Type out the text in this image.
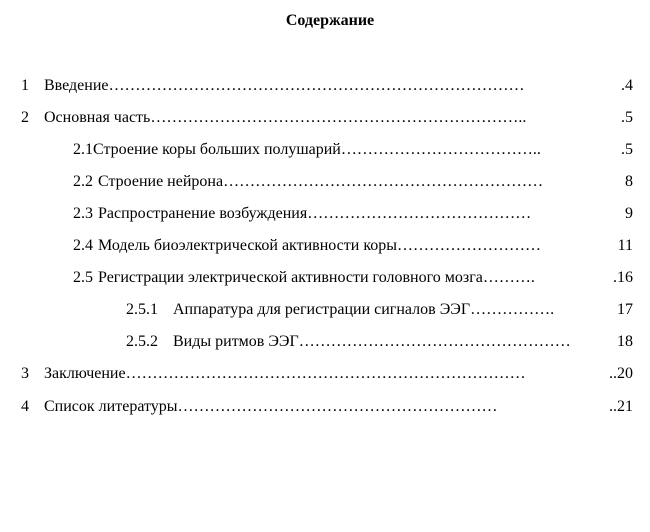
Содержание
1 Введение ……………………………………………………………………	.4
2 Основная часть ……………………………………………………………..	.5
2.1 Строение коры больших полушарий ………………………………..	.5
2.2 Строение нейрона ……………………………………………………	8
2.3 Распространение возбуждения ……………………………………	9
2.4 Модель биоэлектрической активности коры ………………………	11
2.5 Регистрации электрической активности головного мозга ……….	.16
2.5.1 Аппаратура для регистрации сигналов ЭЭГ …………….	17
2.5.2 Виды ритмов ЭЭГ ……………………………………………	18
3 Заключение …………………………………………………………………	..20
4 Список литературы ……………………………………………………	..21
